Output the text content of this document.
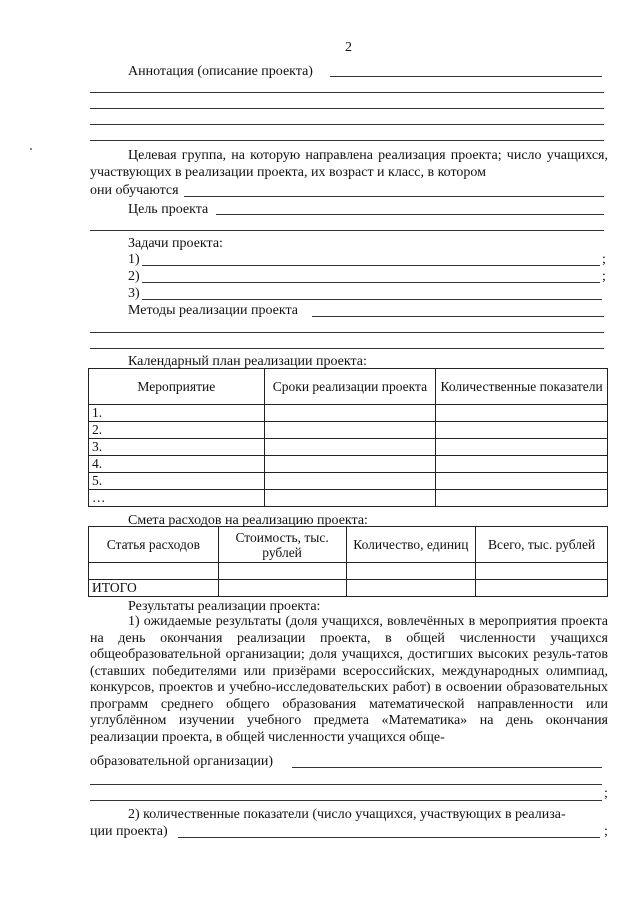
2
Аннотация (описание проекта)
Целевая группа, на которую направлена реализация проекта; число учащихся, участвующих в реализации проекта, их возраст и класс, в котором
они обучаются
Цель проекта
Задачи проекта:
1)	;
2)	;
3)
Методы реализации проекта
Календарный план реализации проекта:
Мероприятие	Сроки реализации проекта	Количественные показатели
1.		
2.		
3.		
4.		
5.		
…		
Смета расходов на реализацию проекта:
Статья расходов	Стоимость, тыс. рублей	Количество, единиц	Всего, тыс. рублей

ИТОГО			
Результаты реализации проекта:
1) ожидаемые результаты (доля учащихся, вовлечённых в мероприятия проекта на день окончания реализации проекта, в общей численности учащихся общеобразовательной организации; доля учащихся, достигших высоких резуль-татов (ставших победителями или призёрами всероссийских, международных олимпиад, конкурсов, проектов и учебно-исследовательских работ) в освоении образовательных программ среднего общего образования математической направленности или углублённом изучении учебного предмета «Математика» на день окончания реализации проекта, в общей численности учащихся обще-
образовательной организации)
;
2) количественные показатели (число учащихся, участвующих в реализа-
ции проекта)	;
